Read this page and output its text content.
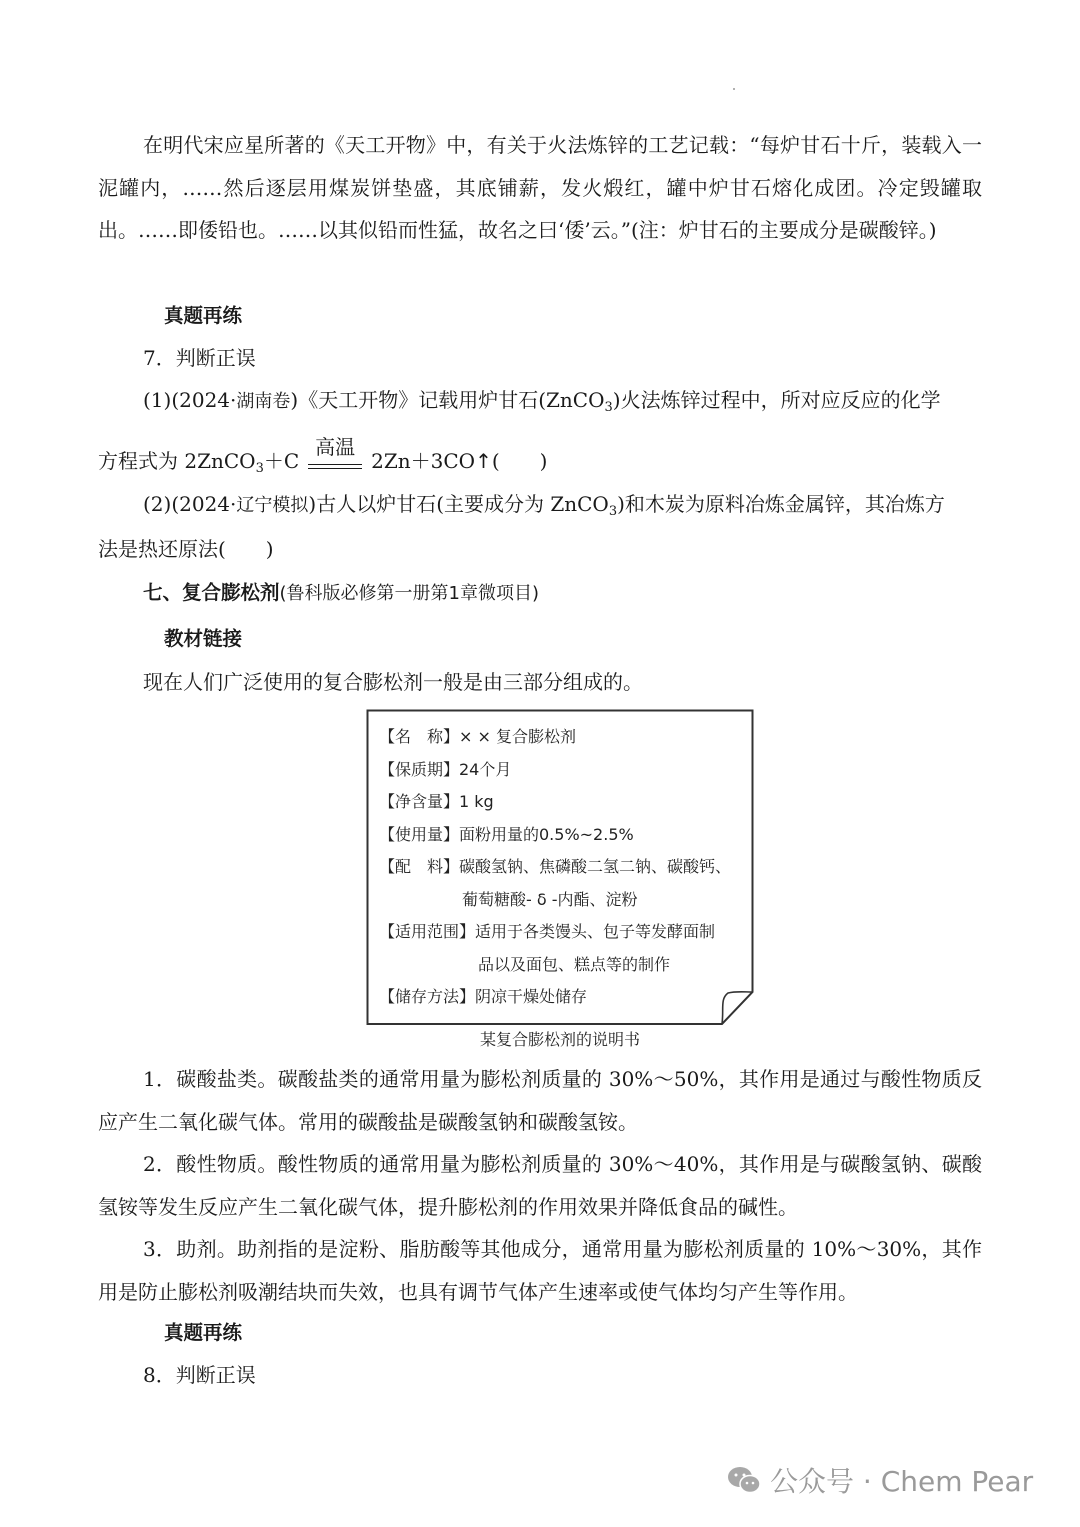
在明代宋应星所著的《天工开物》中，有关于火法炼锌的工艺记载：“每炉甘石十斤，装载入一泥罐内，……然后逐层用煤炭饼垫盛，其底铺薪，发火煅红，罐中炉甘石熔化成团。冷定毁罐取出。……即倭铅也。……以其似铅而性猛，故名之曰‘倭’云。”(注：炉甘石的主要成分是碳酸锌。)

真题再练
7．判断正误
(1)(2024·湖南卷)《天工开物》记载用炉甘石(ZnCO$_3$)火法炼锌过程中，所对应反应的化学
方程式为 2ZnCO$_3$＋C
高温
2Zn＋3CO↑(　　)
(2)(2024·辽宁模拟)古人以炉甘石(主要成分为 ZnCO$_3$)和木炭为原料冶炼金属锌，其冶炼方
法是热还原法(　　)
七、复合膨松剂(鲁科版必修第一册第1章微项目)
教材链接
现在人们广泛使用的复合膨松剂一般是由三部分组成的。
【名　称】× × 复合膨松剂
【保质期】24个月
【净含量】1 kg
【使用量】面粉用量的0.5%~2.5%
【配　料】碳酸氢钠、焦磷酸二氢二钠、碳酸钙、
葡萄糖酸- δ -内酯、淀粉
【适用范围】适用于各类馒头、包子等发酵面制
品以及面包、糕点等的制作
【储存方法】阴凉干燥处储存
某复合膨松剂的说明书

1．碳酸盐类。碳酸盐类的通常用量为膨松剂质量的 30%～50%，其作用是通过与酸性物质反应产生二氧化碳气体。常用的碳酸盐是碳酸氢钠和碳酸氢铵。

2．酸性物质。酸性物质的通常用量为膨松剂质量的 30%～40%，其作用是与碳酸氢钠、碳酸氢铵等发生反应产生二氧化碳气体，提升膨松剂的作用效果并降低食品的碱性。

3．助剂。助剂指的是淀粉、脂肪酸等其他成分，通常用量为膨松剂质量的 10%～30%，其作用是防止膨松剂吸潮结块而失效，也具有调节气体产生速率或使气体均匀产生等作用。

真题再练
8．判断正误
公众号 · Chem Pear
